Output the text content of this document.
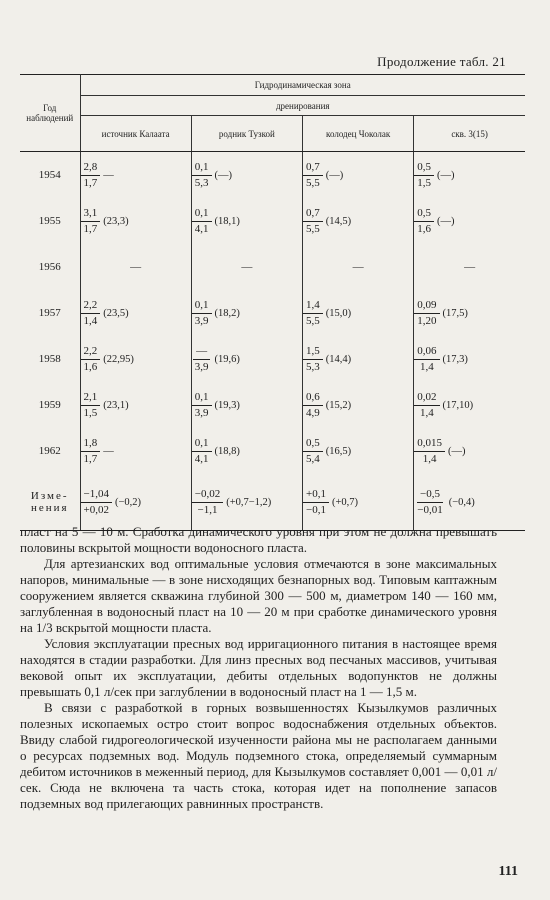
Продолжение табл. 21
Год наблюдений	Гидродинамическая зона			
	дренирования			
	источник Калаата	родник Тузкой	колодец Чоколак	скв. 3(15)
1954	$\frac{2,8}{1,7}$ —	$\frac{0,1}{5,3}$ (—)	$\frac{0,7}{5,5}$ (—)	$\frac{0,5}{1,5}$ (—)

1955	$\frac{3,1}{1,7} (23,3)$	$\frac{0,1}{4,1} (18,1)$	$\frac{0,7}{5,5} (14,5)$	$\frac{0,5}{1,6}$ (—)

1956	—	—	—	—
1957	$\frac{2,2}{1,4} (23,5)$	$\frac{0,1}{3,9} (18,2)$	$\frac{1,4}{5,5} (15,0)$	$\frac{0,09}{1,20} (17,5)$

1958	$\frac{2,2}{1,6} (22,95)$	$\frac{—}{3,9} (19,6)$	$\frac{1,5}{5,3} (14,4)$	$\frac{0,06}{1,4} (17,3)$

1959	$\frac{2,1}{1,5} (23,1)$	$\frac{0,1}{3,9} (19,3)$	$\frac{0,6}{4,9} (15,2)$	$\frac{0,02}{1,4} (17,10)$

1962	$\frac{1,8}{1,7}$ —	$\frac{0,1}{4,1} (18,8)$	$\frac{0,5}{5,4} (16,5)$	$\frac{0,015}{1,4}$ (—)

Изме-нения	$\frac{-1,04}{+0,02} (-0,2)$	$\frac{-0,02}{-1,1} (+0,7-1,2)$	$\frac{+0,1}{-0,1} (+0,7)$	$\frac{-0,5}{-0,01} (-0,4)$

пласт на 5 — 10 м. Сработка динамического уровня при этом не должна превышать половины вскрытой мощности водоносного пласта.

Для артезианских вод оптимальные условия отмечаются в зоне максимальных напоров, минимальные — в зоне нисходящих безнапорных вод. Типовым каптажным сооружением является скважина глубиной 300 — 500 м, диаметром 140 — 160 мм, заглубленная в водоносный пласт на 10 — 20 м при сработке динамического уровня на 1/3 вскрытой мощности пласта.

Условия эксплуатации пресных вод ирригационного питания в настоящее время находятся в стадии разработки. Для линз пресных вод песчаных массивов, учитывая вековой опыт их эксплуатации, дебиты отдельных водопунктов не должны превышать 0,1 л/сек при заглублении в водоносный пласт на 1 — 1,5 м.

В связи с разработкой в горных возвышенностях Кызылкумов различных полезных ископаемых остро стоит вопрос водоснабжения отдельных объектов. Ввиду слабой гидрогеологической изученности района мы не располагаем данными о ресурсах подземных вод. Модуль подземного стока, определяемый суммарным дебитом источников в меженный период, для Кызылкумов составляет 0,001 — 0,01 л/сек. Сюда не включена та часть стока, которая идет на пополнение запасов подземных вод прилегающих равнинных пространств.

111
